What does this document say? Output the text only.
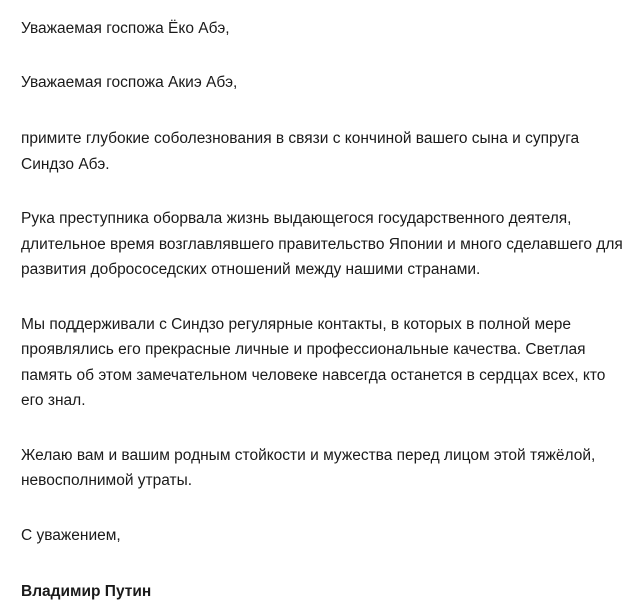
Уважаемая госпожа Ёко Абэ,

Уважаемая госпожа Акиэ Абэ,

примите глубокие соболезнования в связи с кончиной вашего сына и супруга
Синдзо Абэ.

Рука преступника оборвала жизнь выдающегося государственного деятеля,
длительное время возглавлявшего правительство Японии и много сделавшего для
развития добрососедских отношений между нашими странами.

Мы поддерживали с Синдзо регулярные контакты, в которых в полной мере
проявлялись его прекрасные личные и профессиональные качества. Светлая
память об этом замечательном человеке навсегда останется в сердцах всех, кто
его знал.

Желаю вам и вашим родным стойкости и мужества перед лицом этой тяжёлой,
невосполнимой утраты.

С уважением,

Владимир Путин
